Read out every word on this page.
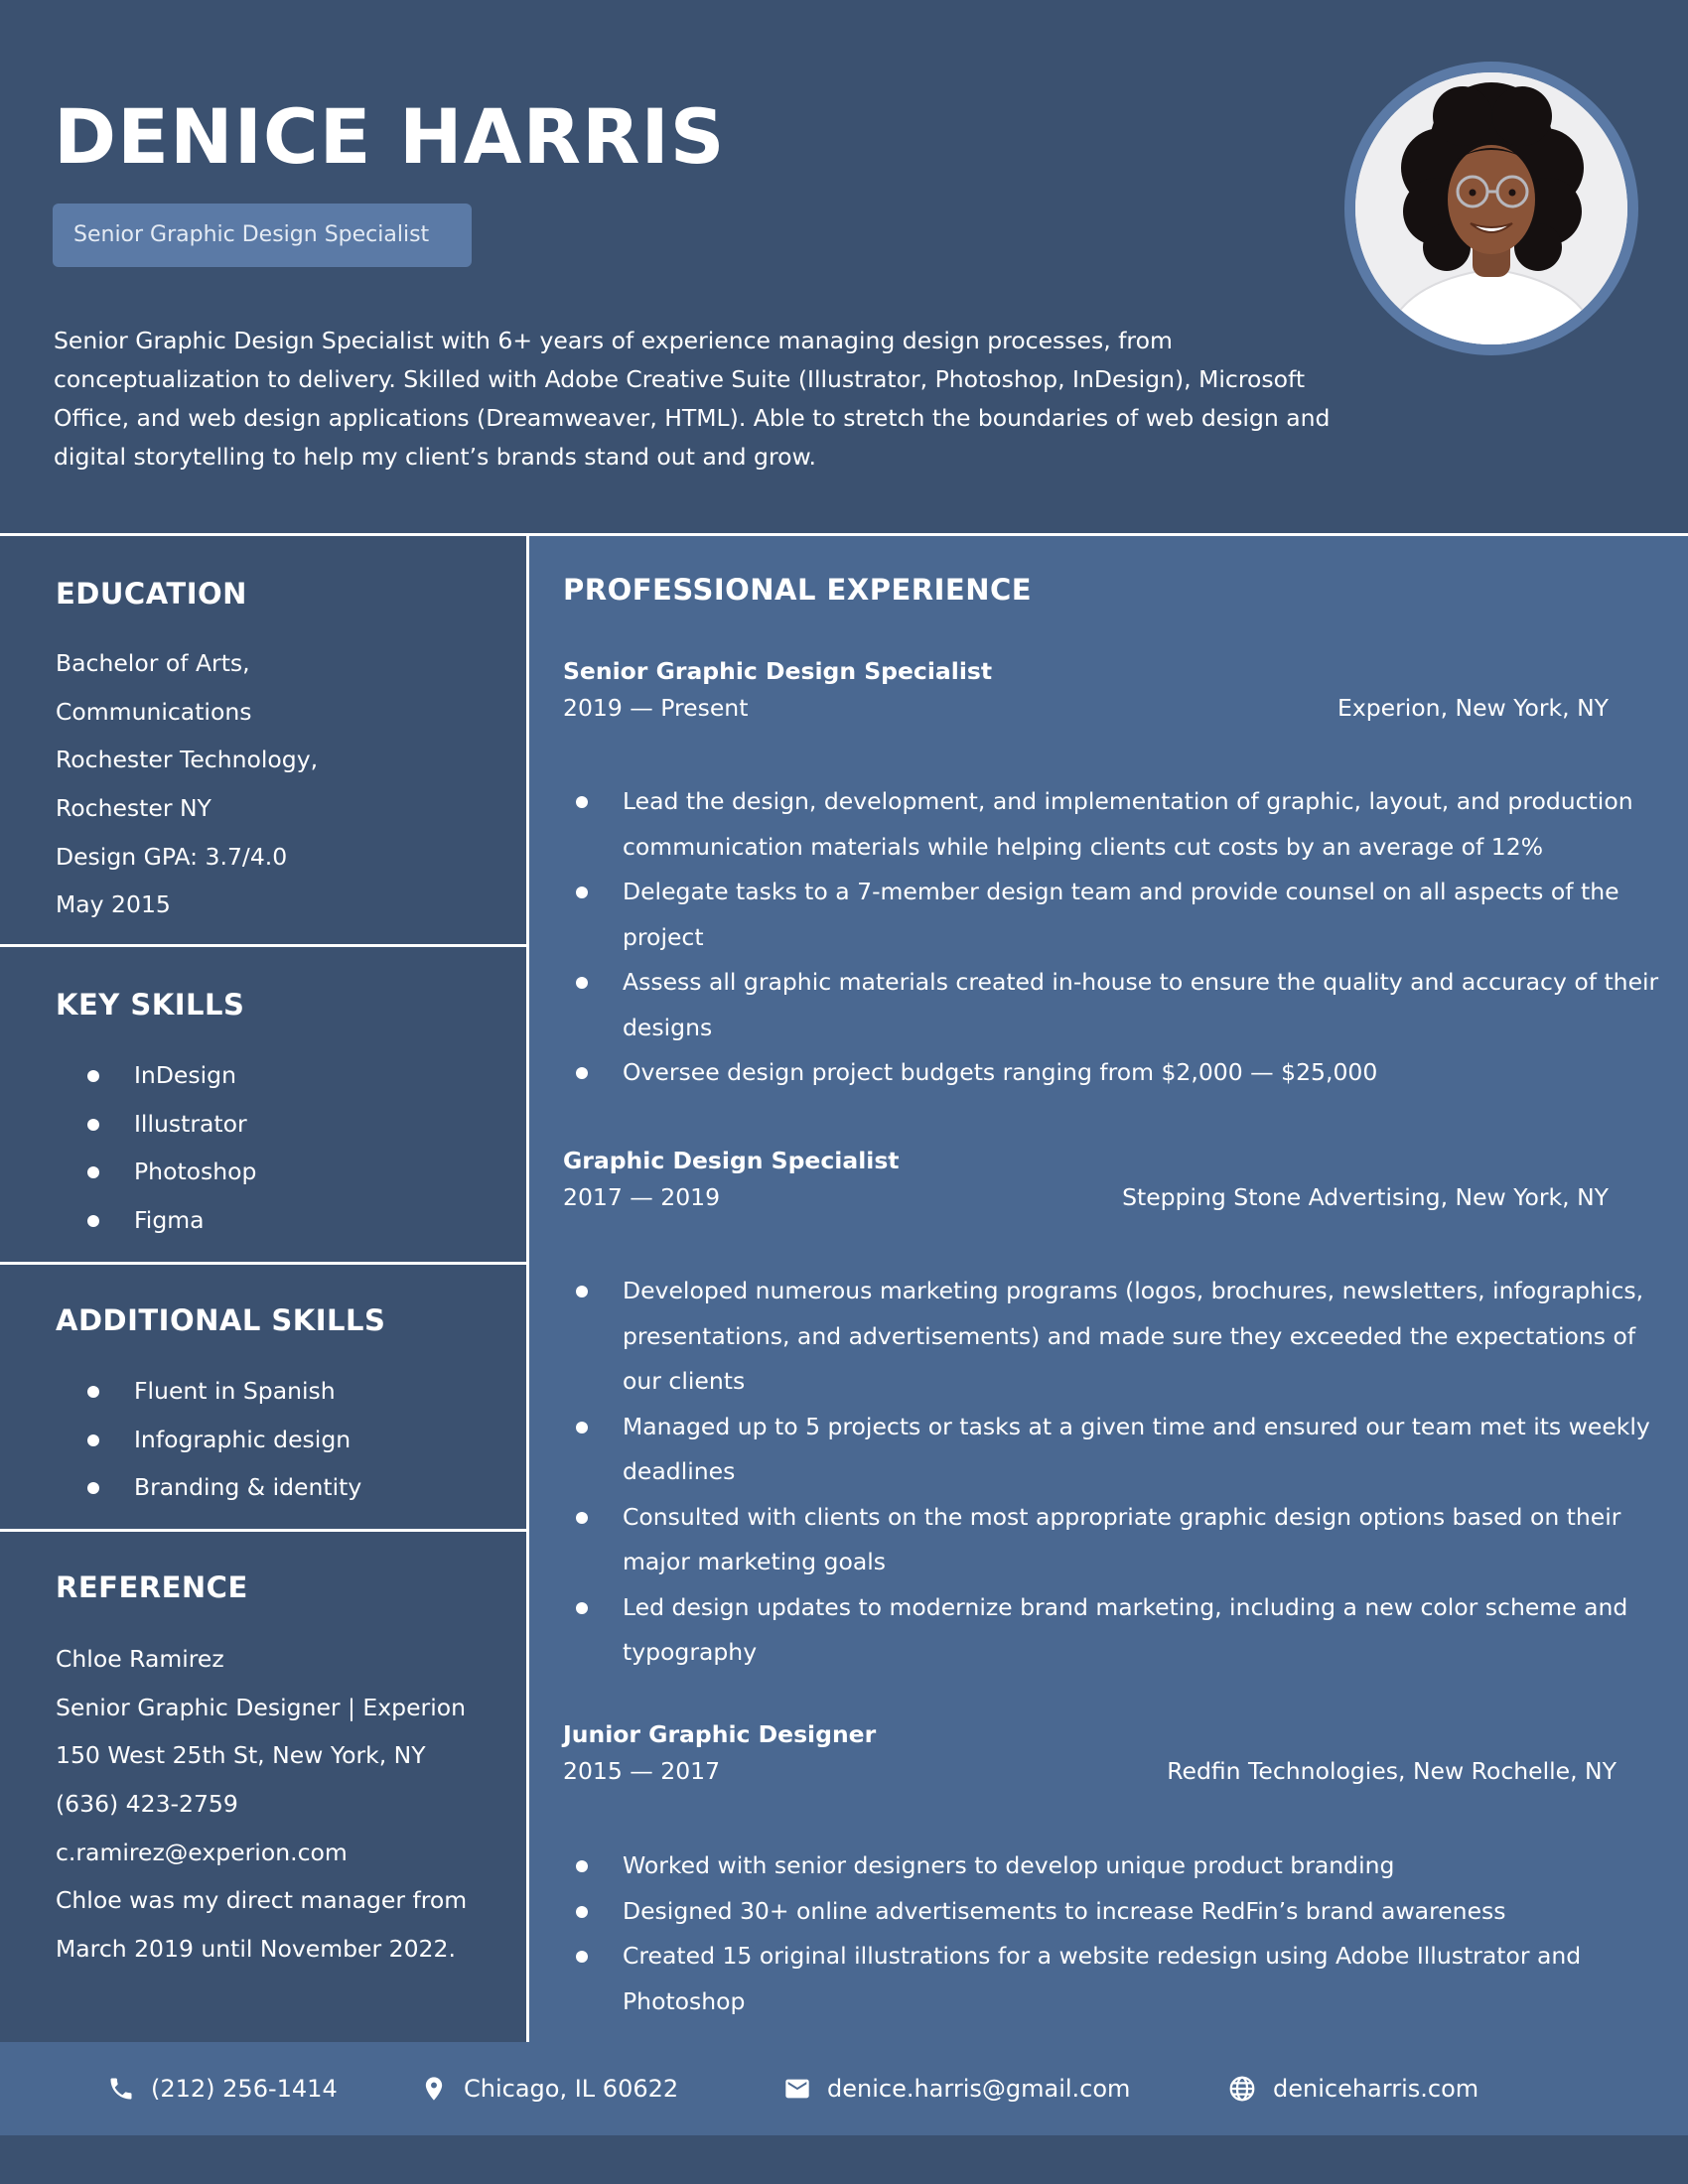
DENICE HARRIS
Senior Graphic Design Specialist

Senior Graphic Design Specialist with 6+ years of experience managing design processes, from conceptualization to delivery. Skilled with Adobe Creative Suite (Illustrator, Photoshop, InDesign), Microsoft Office, and web design applications (Dreamweaver, HTML). Able to stretch the boundaries of web design and digital storytelling to help my client’s brands stand out and grow.

EDUCATION
Bachelor of Arts,
Communications
Rochester Technology,
Rochester NY
Design GPA: 3.7/4.0
May 2015
KEY SKILLS
InDesign
Illustrator
Photoshop
Figma
ADDITIONAL SKILLS
Fluent in Spanish
Infographic design
Branding & identity
REFERENCE
Chloe Ramirez
Senior Graphic Designer | Experion
150 West 25th St, New York, NY
(636) 423-2759
c.ramirez@experion.com
Chloe was my direct manager from
March 2019 until November 2022.
PROFESSIONAL EXPERIENCE
Senior Graphic Design Specialist
2019 — Present	Experion, New York, NY
Lead the design, development, and implementation of graphic, layout, and production communication materials while helping clients cut costs by an average of 12%
Delegate tasks to a 7-member design team and provide counsel on all aspects of the project
Assess all graphic materials created in-house to ensure the quality and accuracy of their designs
Oversee design project budgets ranging from $2,000 — $25,000
Graphic Design Specialist
2017 — 2019	Stepping Stone Advertising, New York, NY
Developed numerous marketing programs (logos, brochures, newsletters, infographics, presentations, and advertisements) and made sure they exceeded the expectations of our clients
Managed up to 5 projects or tasks at a given time and ensured our team met its weekly deadlines
Consulted with clients on the most appropriate graphic design options based on their major marketing goals
Led design updates to modernize brand marketing, including a new color scheme and typography
Junior Graphic Designer
2015 — 2017	Redfin Technologies, New Rochelle, NY
Worked with senior designers to develop unique product branding
Designed 30+ online advertisements to increase RedFin’s brand awareness
Created 15 original illustrations for a website redesign using Adobe Illustrator and Photoshop
(212) 256-1414	Chicago, IL 60622	denice.harris@gmail.com	deniceharris.com
